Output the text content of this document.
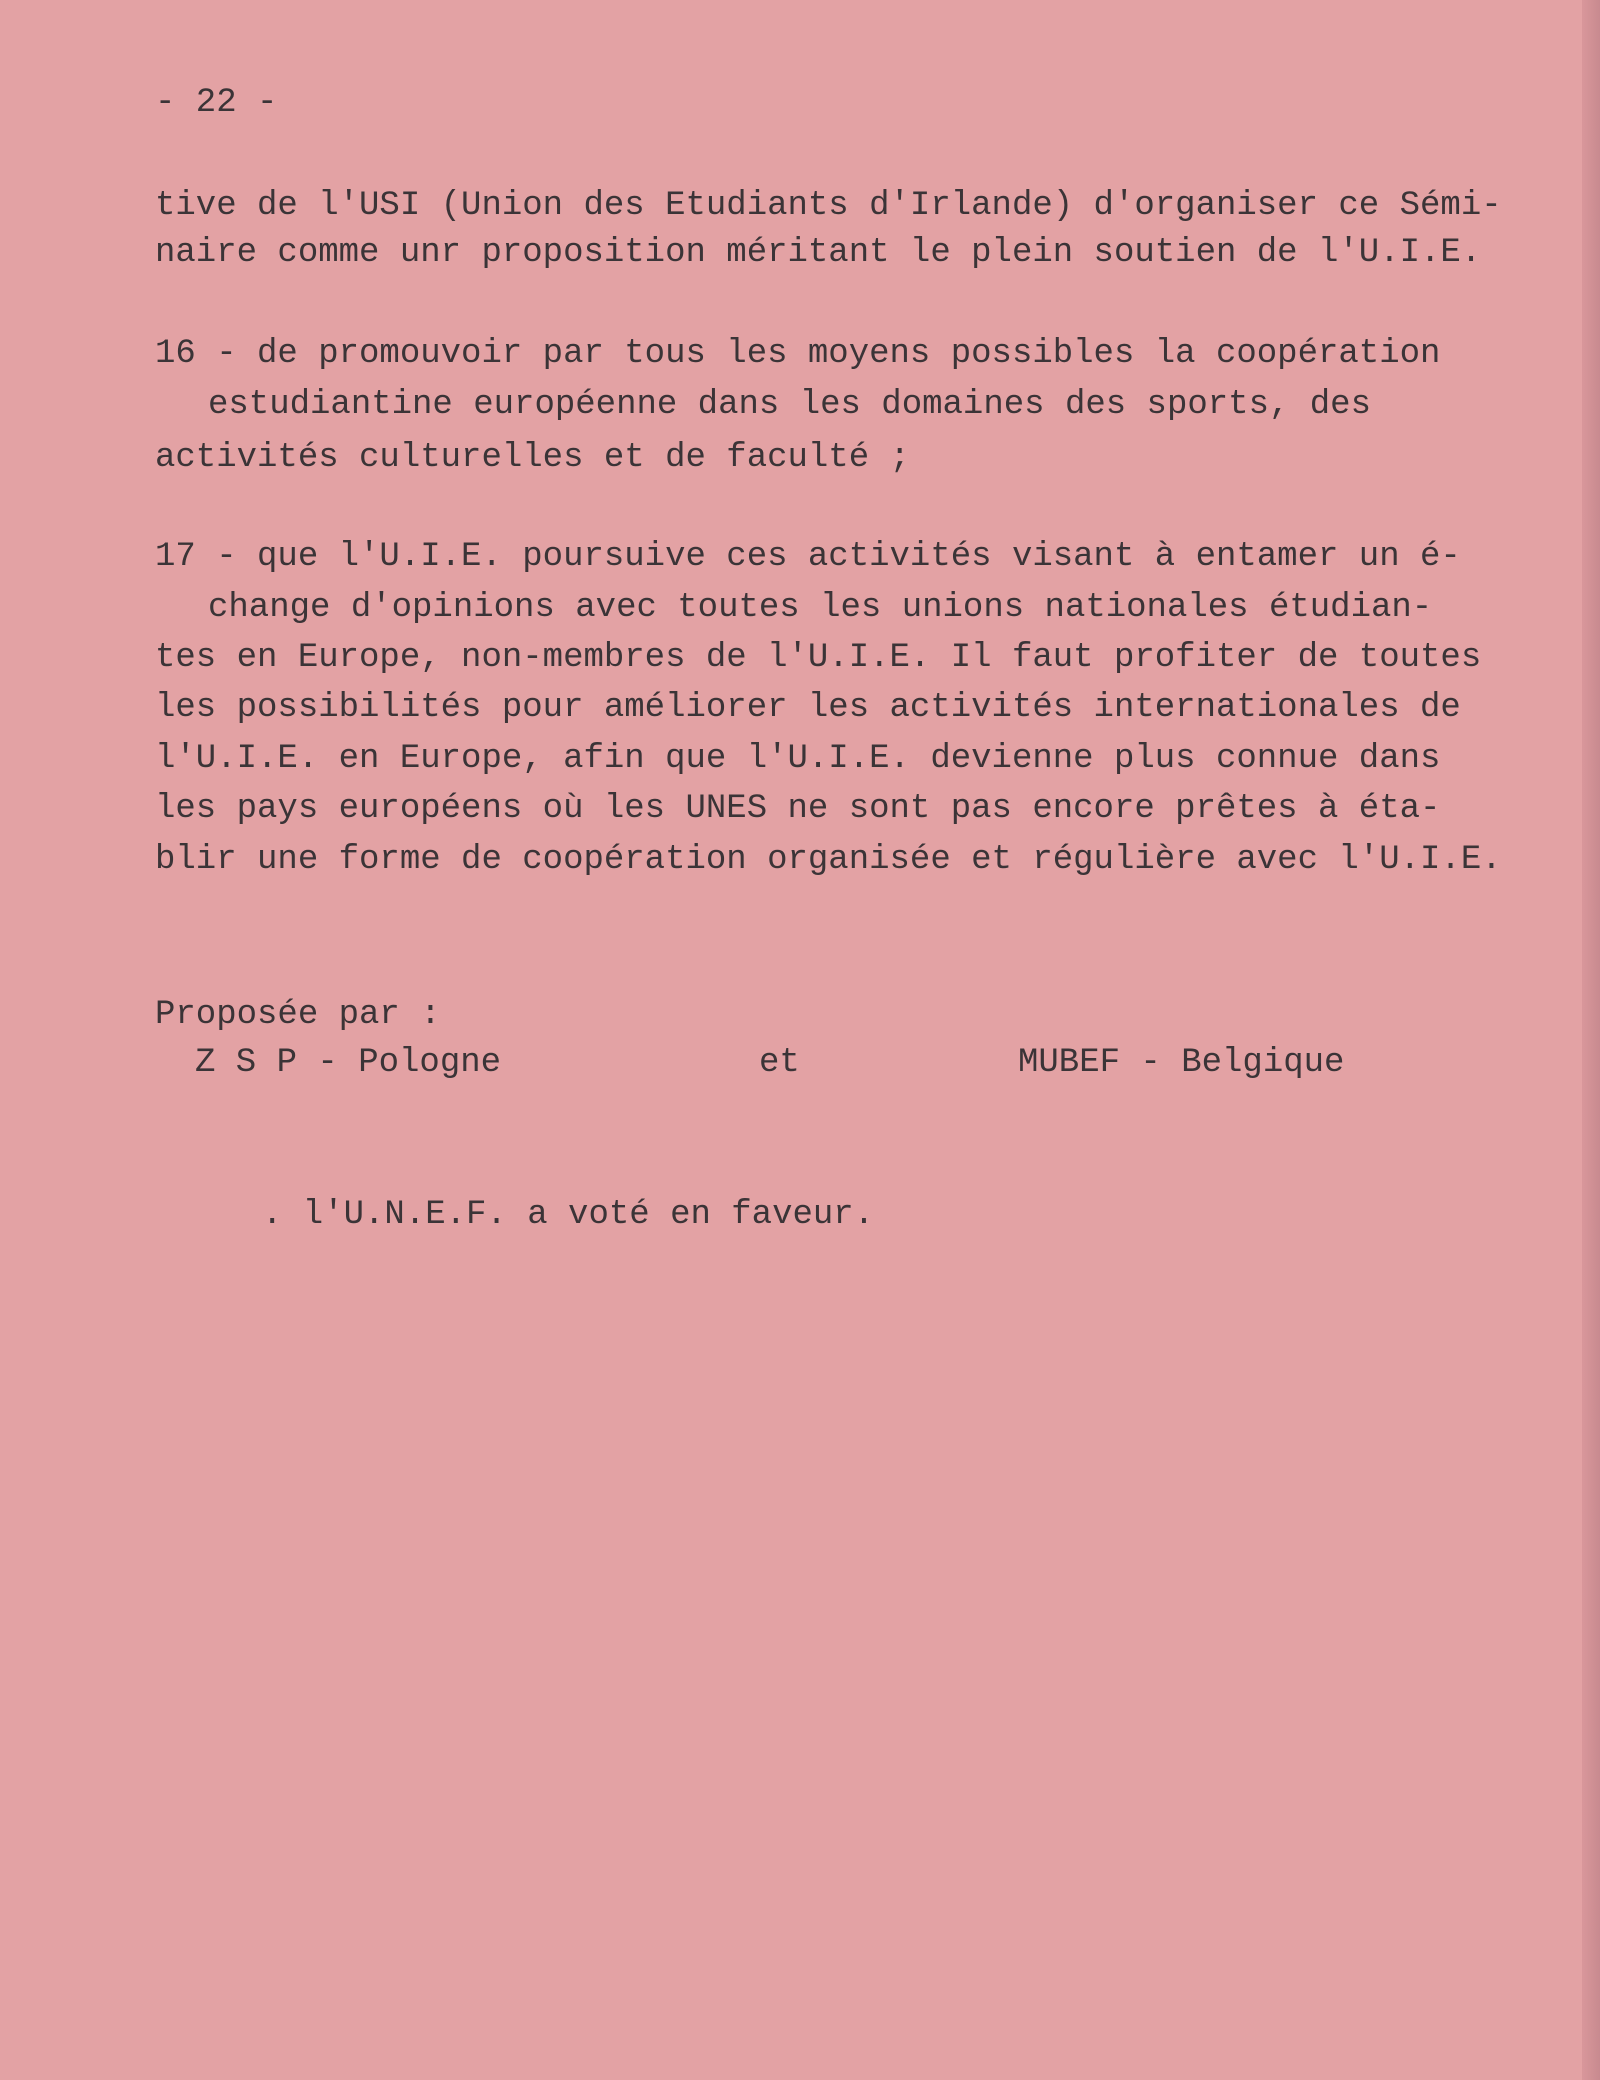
- 22 -
tive de l'USI (Union des Etudiants d'Irlande) d'organiser ce Sémi-
naire comme unr proposition méritant le plein soutien de l'U.I.E.
16 - de promouvoir par tous les moyens possibles la coopération
estudiantine européenne dans les domaines des sports, des
activités culturelles et de faculté ;
17 - que l'U.I.E. poursuive ces activités visant à entamer un é-
change d'opinions avec toutes les unions nationales étudian-
tes en Europe, non-membres de l'U.I.E. Il faut profiter de toutes
les possibilités pour améliorer les activités internationales de
l'U.I.E. en Europe, afin que l'U.I.E. devienne plus connue dans
les pays européens où les UNES ne sont pas encore prêtes à éta-
blir une forme de coopération organisée et régulière avec l'U.I.E.
Proposée par :
Z S P - Pologne	et	MUBEF - Belgique
. l'U.N.E.F. a voté en faveur.
